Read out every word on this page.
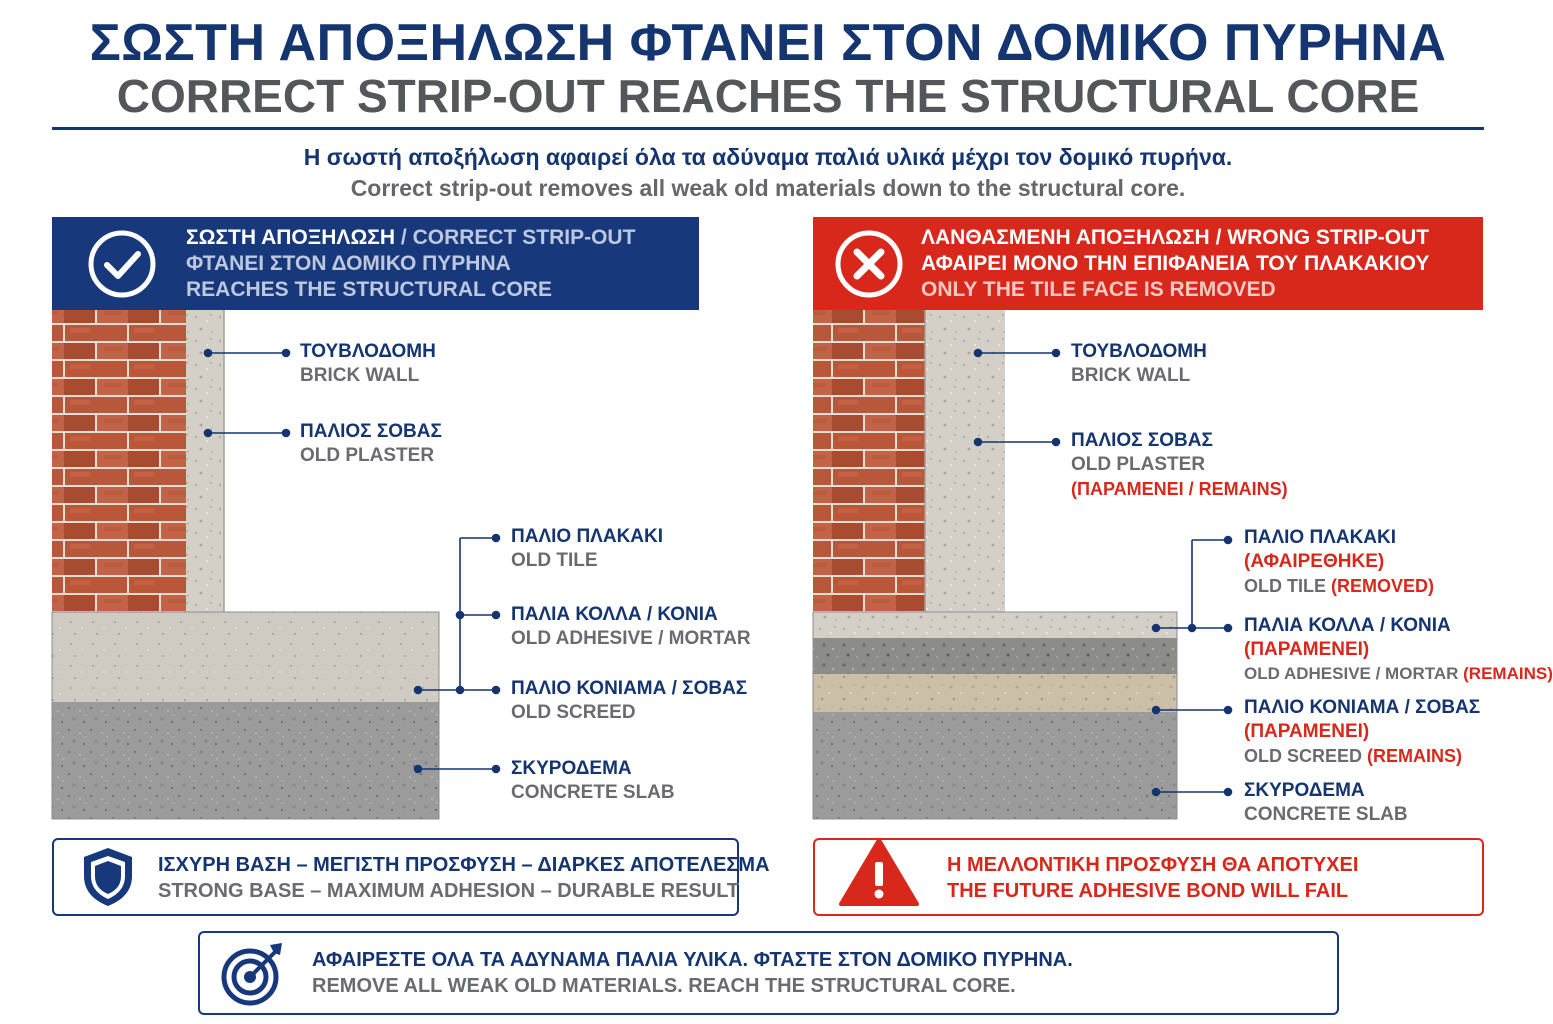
ΣΩΣΤΗ ΑΠΟΞΗΛΩΣΗ ΦΤΑΝΕΙ ΣΤΟΝ ΔΟΜΙΚΟ ΠΥΡΗΝΑ
CORRECT STRIP-OUT REACHES THE STRUCTURAL CORE
Η σωστή αποξήλωση αφαιρεί όλα τα αδύναμα παλιά υλικά μέχρι τον δομικό πυρήνα.
Correct strip-out removes all weak old materials down to the structural core.
ΣΩΣΤΗ ΑΠΟΞΗΛΩΣΗ / CORRECT STRIP-OUT
ΦΤΑΝΕΙ ΣΤΟΝ ΔΟΜΙΚΟ ΠΥΡΗΝΑ
REACHES THE STRUCTURAL CORE
ΛΑΝΘΑΣΜΕΝΗ ΑΠΟΞΗΛΩΣΗ / WRONG STRIP-OUT
ΑΦΑΙΡΕΙ ΜΟΝΟ ΤΗΝ ΕΠΙΦΑΝΕΙΑ ΤΟΥ ΠΛΑΚΑΚΙΟΥ
ONLY THE TILE FACE IS REMOVED
ΤΟΥΒΛΟΔΟΜΗ
BRICK WALL
ΠΑΛΙΟΣ ΣΟΒΑΣ
OLD PLASTER
ΠΑΛΙΟ ΠΛΑΚΑΚΙ
OLD TILE
ΠΑΛΙΑ ΚΟΛΛΑ / ΚΟΝΙΑ
OLD ADHESIVE / MORTAR
ΠΑΛΙΟ ΚΟΝΙΑΜΑ / ΣΟΒΑΣ
OLD SCREED
ΣΚΥΡΟΔΕΜΑ
CONCRETE SLAB
ΤΟΥΒΛΟΔΟΜΗ
BRICK WALL
ΠΑΛΙΟΣ ΣΟΒΑΣ
OLD PLASTER
(ΠΑΡΑΜΕΝΕΙ / REMAINS)
ΠΑΛΙΟ ΠΛΑΚΑΚΙ
(ΑΦΑΙΡΕΘΗΚΕ)
OLD TILE (REMOVED)
ΠΑΛΙΑ ΚΟΛΛΑ / ΚΟΝΙΑ
(ΠΑΡΑΜΕΝΕΙ)
OLD ADHESIVE / MORTAR (REMAINS)
ΠΑΛΙΟ ΚΟΝΙΑΜΑ / ΣΟΒΑΣ
(ΠΑΡΑΜΕΝΕΙ)
OLD SCREED (REMAINS)
ΣΚΥΡΟΔΕΜΑ
CONCRETE SLAB
ΙΣΧΥΡΗ ΒΑΣΗ – ΜΕΓΙΣΤΗ ΠΡΟΣΦΥΣΗ – ΔΙΑΡΚΕΣ ΑΠΟΤΕΛΕΣΜΑ
STRONG BASE – MAXIMUM ADHESION – DURABLE RESULT
Η ΜΕΛΛΟΝΤΙΚΗ ΠΡΟΣΦΥΣΗ ΘΑ ΑΠΟΤΥΧΕΙ
THE FUTURE ADHESIVE BOND WILL FAIL
ΑΦΑΙΡΕΣΤΕ ΟΛΑ ΤΑ ΑΔΥΝΑΜΑ ΠΑΛΙΑ ΥΛΙΚΑ. ΦΤΑΣΤΕ ΣΤΟΝ ΔΟΜΙΚΟ ΠΥΡΗΝΑ.
REMOVE ALL WEAK OLD MATERIALS. REACH THE STRUCTURAL CORE.
